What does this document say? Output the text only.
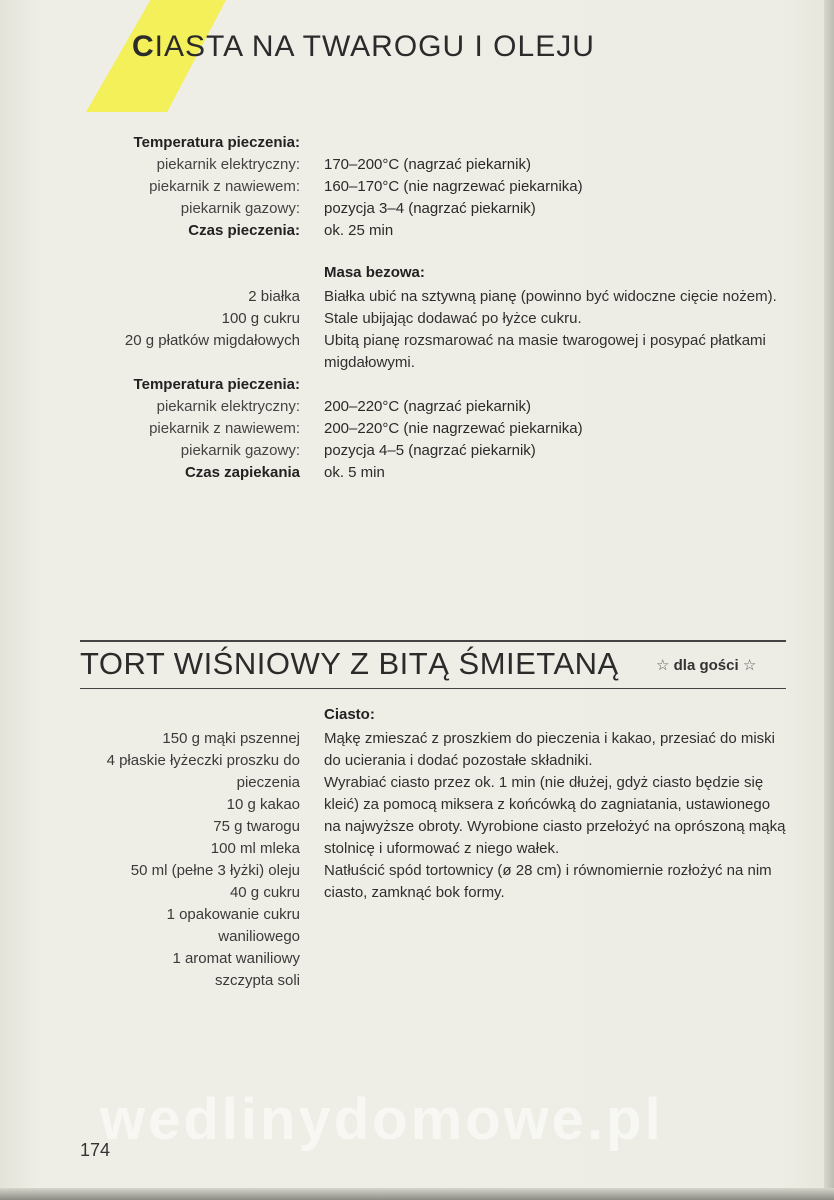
CIASTA NA TWAROGU I OLEJU
Temperatura pieczenia:
piekarnik elektryczny: 170–200°C (nagrzać piekarnik)
piekarnik z nawiewem: 160–170°C (nie nagrzewać piekarnika)
piekarnik gazowy: pozycja 3–4 (nagrzać piekarnik)
Czas pieczenia: ok. 25 min
Masa bezowa:
2 białka
100 g cukru
20 g płatków migdałowych

Białka ubić na sztywną pianę (powinno być widoczne cięcie nożem). Stale ubijając dodawać po łyżce cukru.

Ubitą pianę rozsmarować na masie twarogowej i posypać płatkami migdałowymi.

Temperatura pieczenia:
piekarnik elektryczny: 200–220°C (nagrzać piekarnik)
piekarnik z nawiewem: 200–220°C (nie nagrzewać piekarnika)
piekarnik gazowy: pozycja 4–5 (nagrzać piekarnik)
Czas zapiekania ok. 5 min
TORT WIŚNIOWY Z BITĄ ŚMIETANĄ ☆ dla gości ☆
Ciasto:
150 g mąki pszennej
4 płaskie łyżeczki proszku do
pieczenia
10 g kakao
75 g twarogu
100 ml mleka
50 ml (pełne 3 łyżki) oleju
40 g cukru
1 opakowanie cukru
waniliowego
1 aromat waniliowy
szczypta soli

Mąkę zmieszać z proszkiem do pieczenia i kakao, przesiać do miski do ucierania i dodać pozostałe składniki.

Wyrabiać ciasto przez ok. 1 min (nie dłużej, gdyż ciasto będzie się kleić) za pomocą miksera z końcówką do zagniatania, ustawionego na najwyższe obroty. Wyrobione ciasto przełożyć na oprószoną mąką stolnicę i uformować z niego wałek.

Natłuścić spód tortownicy (ø 28 cm) i równomiernie rozłożyć na nim ciasto, zamknąć bok formy.

wedlinydomowe.pl
174
